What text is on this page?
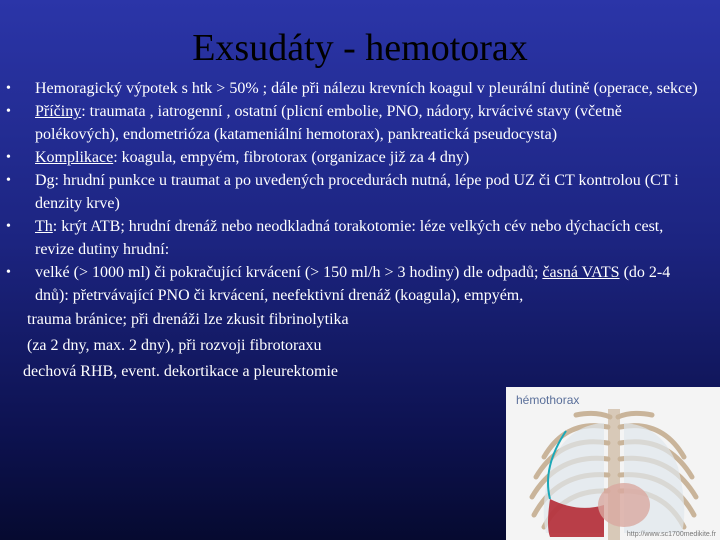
Exsudáty - hemotorax

• Hemoragický výpotek s htk > 50% ; dále při nálezu krevních koagul v pleurální dutině (operace, sekce)

• Příčiny: traumata , iatrogenní , ostatní (plicní embolie, PNO, nádory, krvácivé stavy (včetně polékových), endometrióza (katameniální hemotorax), pankreatická pseudocysta)

• Komplikace: koagula, empyém, fibrotorax (organizace již za 4 dny)

• Dg: hrudní punkce u traumat a po uvedených procedurách nutná, lépe pod UZ či CT kontrolou (CT i denzity krve)

• Th: krýt ATB; hrudní drenáž nebo neodkladná torakotomie: léze velkých cév nebo dýchacích cest, revize dutiny hrudní:

• velké (> 1000 ml) či pokračující krvácení (> 150 ml/h > 3 hodiny) dle odpadů; časná VATS (do 2-4 dnů): přetrvávající PNO či krvácení, neefektivní drenáž (koagula), empyém,

trauma bránice; při drenáži lze zkusit fibrinolytika

(za 2 dny, max. 2 dny), při rozvoji fibrotoraxu

dechová RHB, event. dekortikace a pleurektomie

hémothorax
http://www.sc1700medikite.fr
